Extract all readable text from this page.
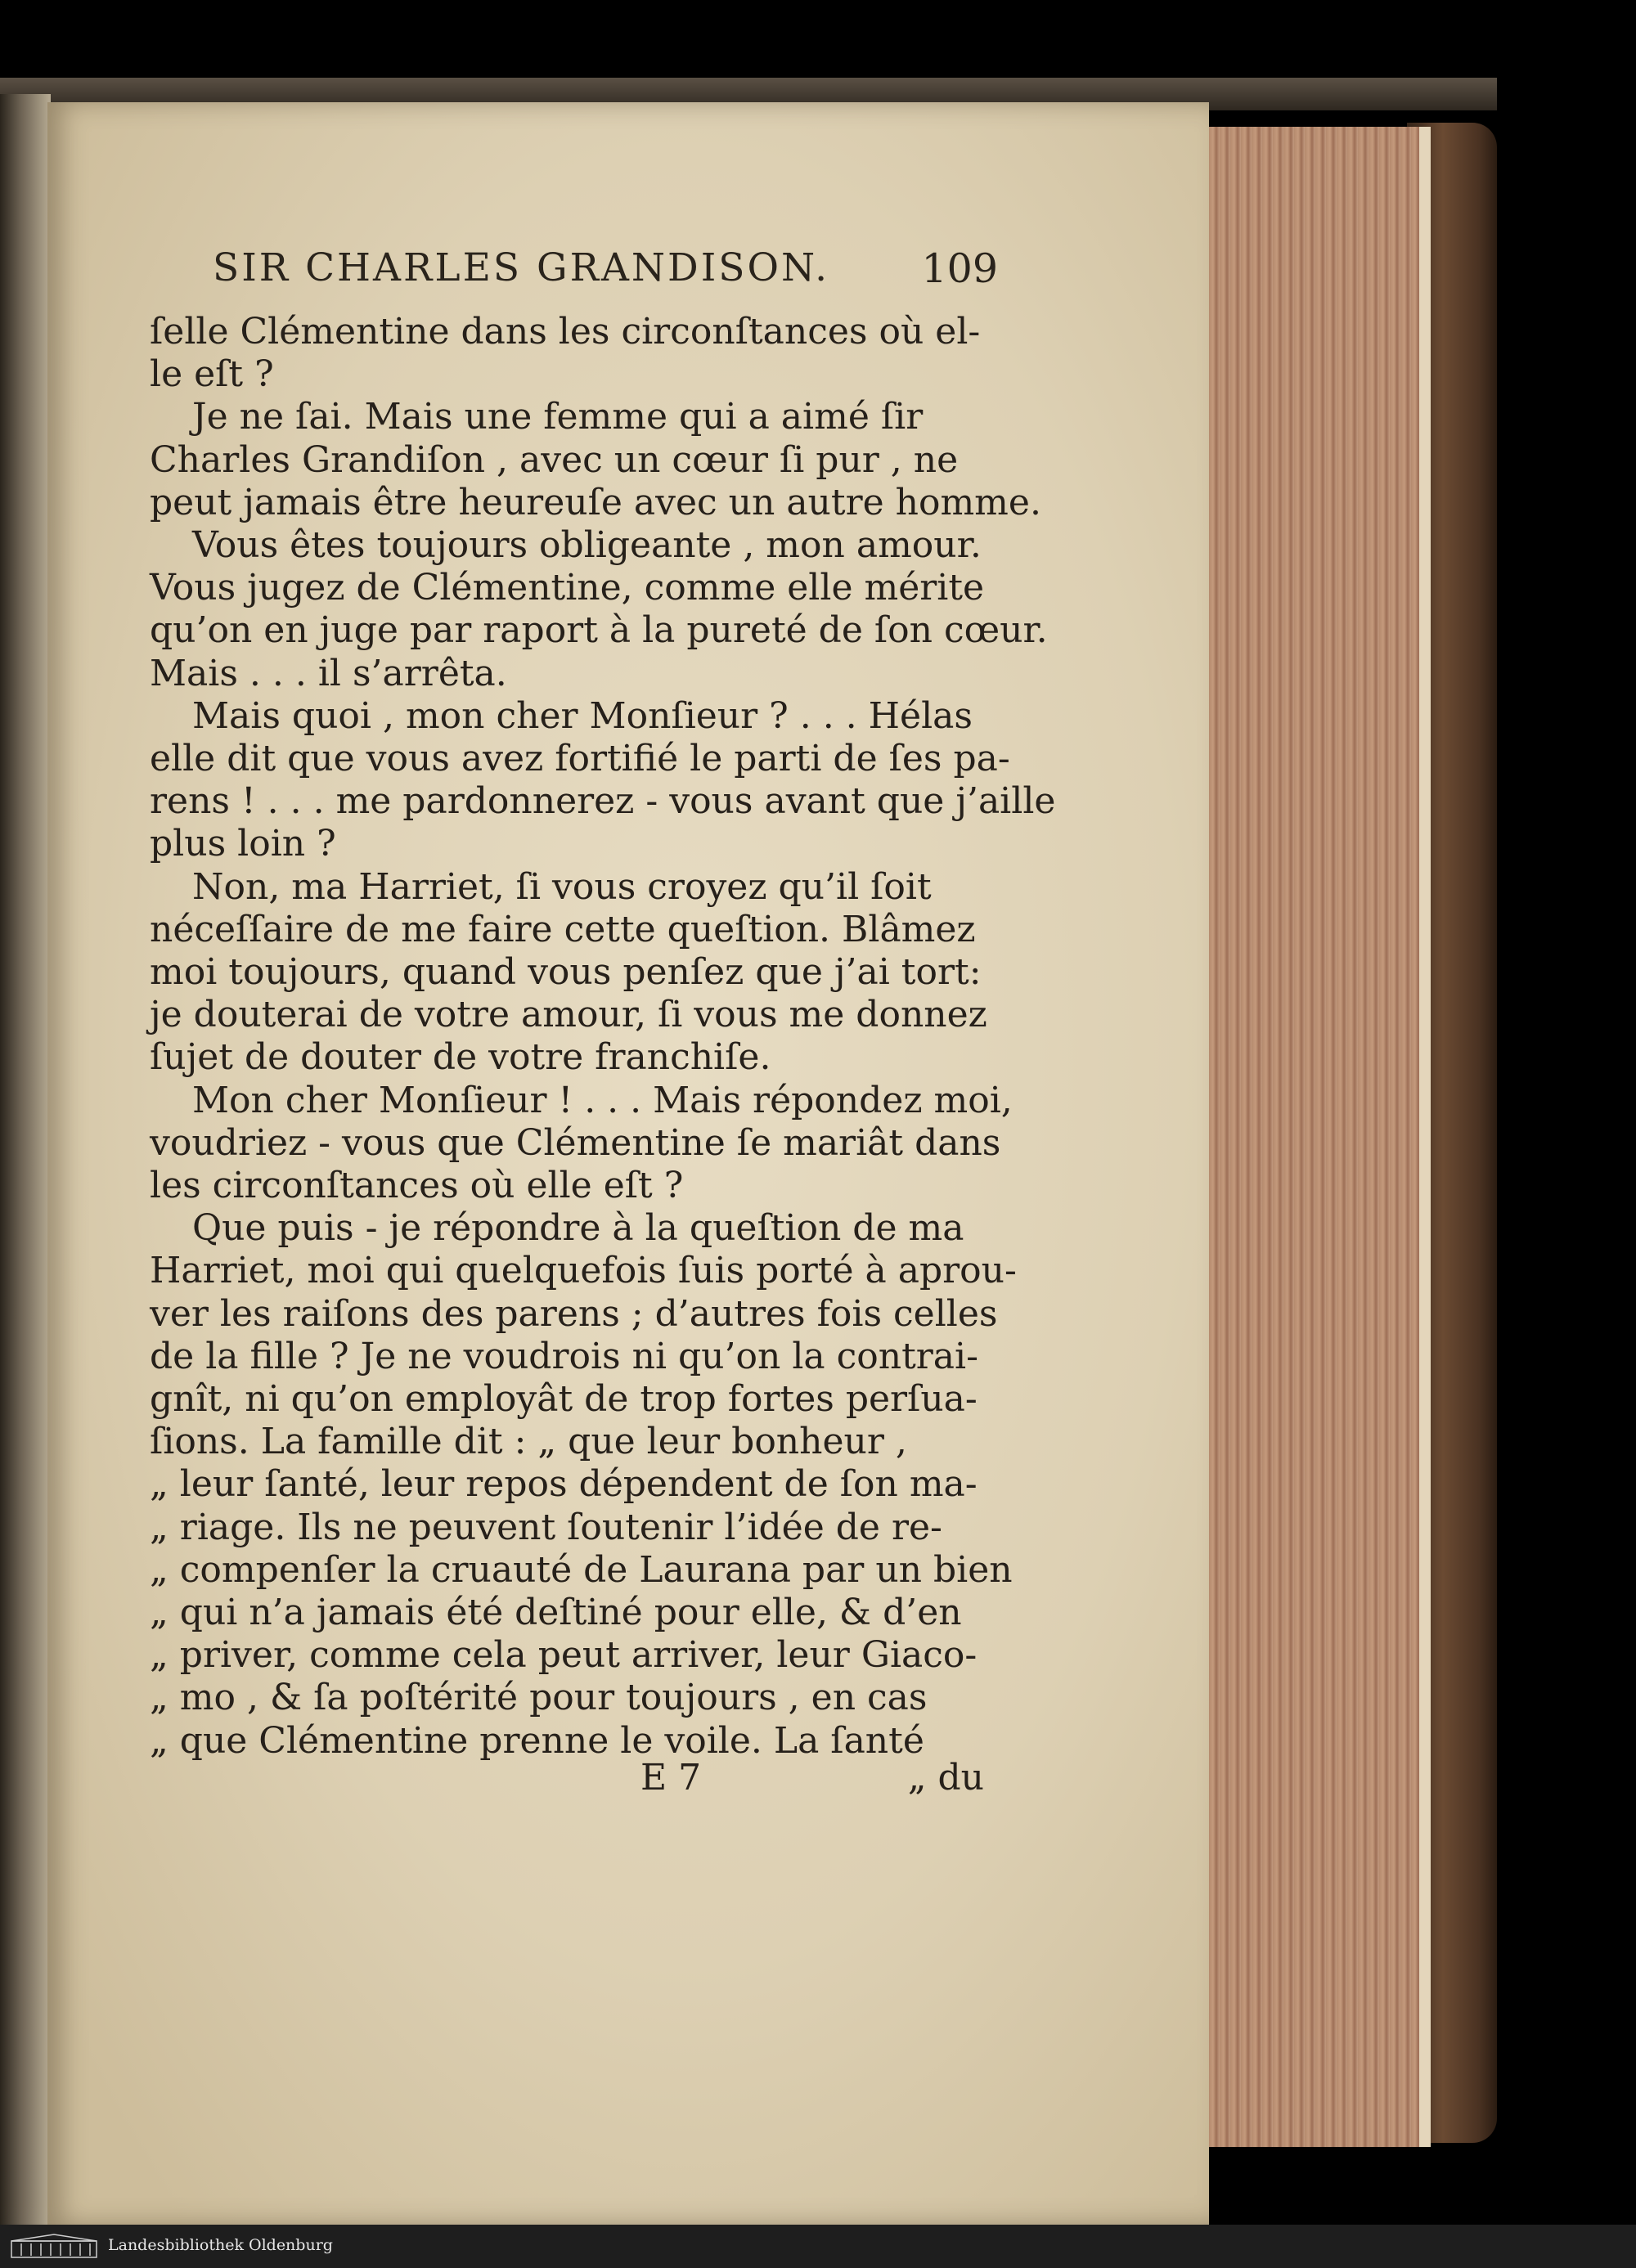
SIR CHARLES GRANDISON. 109
ſelle Clémentine dans les circonſtances où el-
le eſt ?
Je ne ſai. Mais une femme qui a aimé ſir
Charles Grandiſon , avec un cœur ſi pur , ne
peut jamais être heureuſe avec un autre homme.
Vous êtes toujours obligeante , mon amour.
Vous jugez de Clémentine, comme elle mérite
qu’on en juge par raport à la pureté de ſon cœur.
Mais . . . il s’arrêta.
Mais quoi , mon cher Monſieur ? . . . Hélas
elle dit que vous avez fortifié le parti de ſes pa-
rens ! . . . me pardonnerez - vous avant que j’aille
plus loin ?
Non, ma Harriet, ſi vous croyez qu’il ſoit
néceſſaire de me faire cette queſtion. Blâmez
moi toujours, quand vous penſez que j’ai tort:
je douterai de votre amour, ſi vous me donnez
ſujet de douter de votre franchiſe.
Mon cher Monſieur ! . . . Mais répondez moi,
voudriez - vous que Clémentine ſe mariât dans
les circonſtances où elle eſt ?
Que puis - je répondre à la queſtion de ma
Harriet, moi qui quelquefois ſuis porté à aprou-
ver les raiſons des parens ; d’autres fois celles
de la fille ? Je ne voudrois ni qu’on la contrai-
gnît, ni qu’on employât de trop fortes perſua-
ſions. La famille dit : „ que leur bonheur ,
„ leur ſanté, leur repos dépendent de ſon ma-
„ riage. Ils ne peuvent ſoutenir l’idée de re-
„ compenſer la cruauté de Laurana par un bien
„ qui n’a jamais été deſtiné pour elle, & d’en
„ priver, comme cela peut arriver, leur Giaco-
„ mo , & ſa poſtérité pour toujours , en cas
„ que Clémentine prenne le voile. La ſanté
E 7	„ du
Landesbibliothek Oldenburg
